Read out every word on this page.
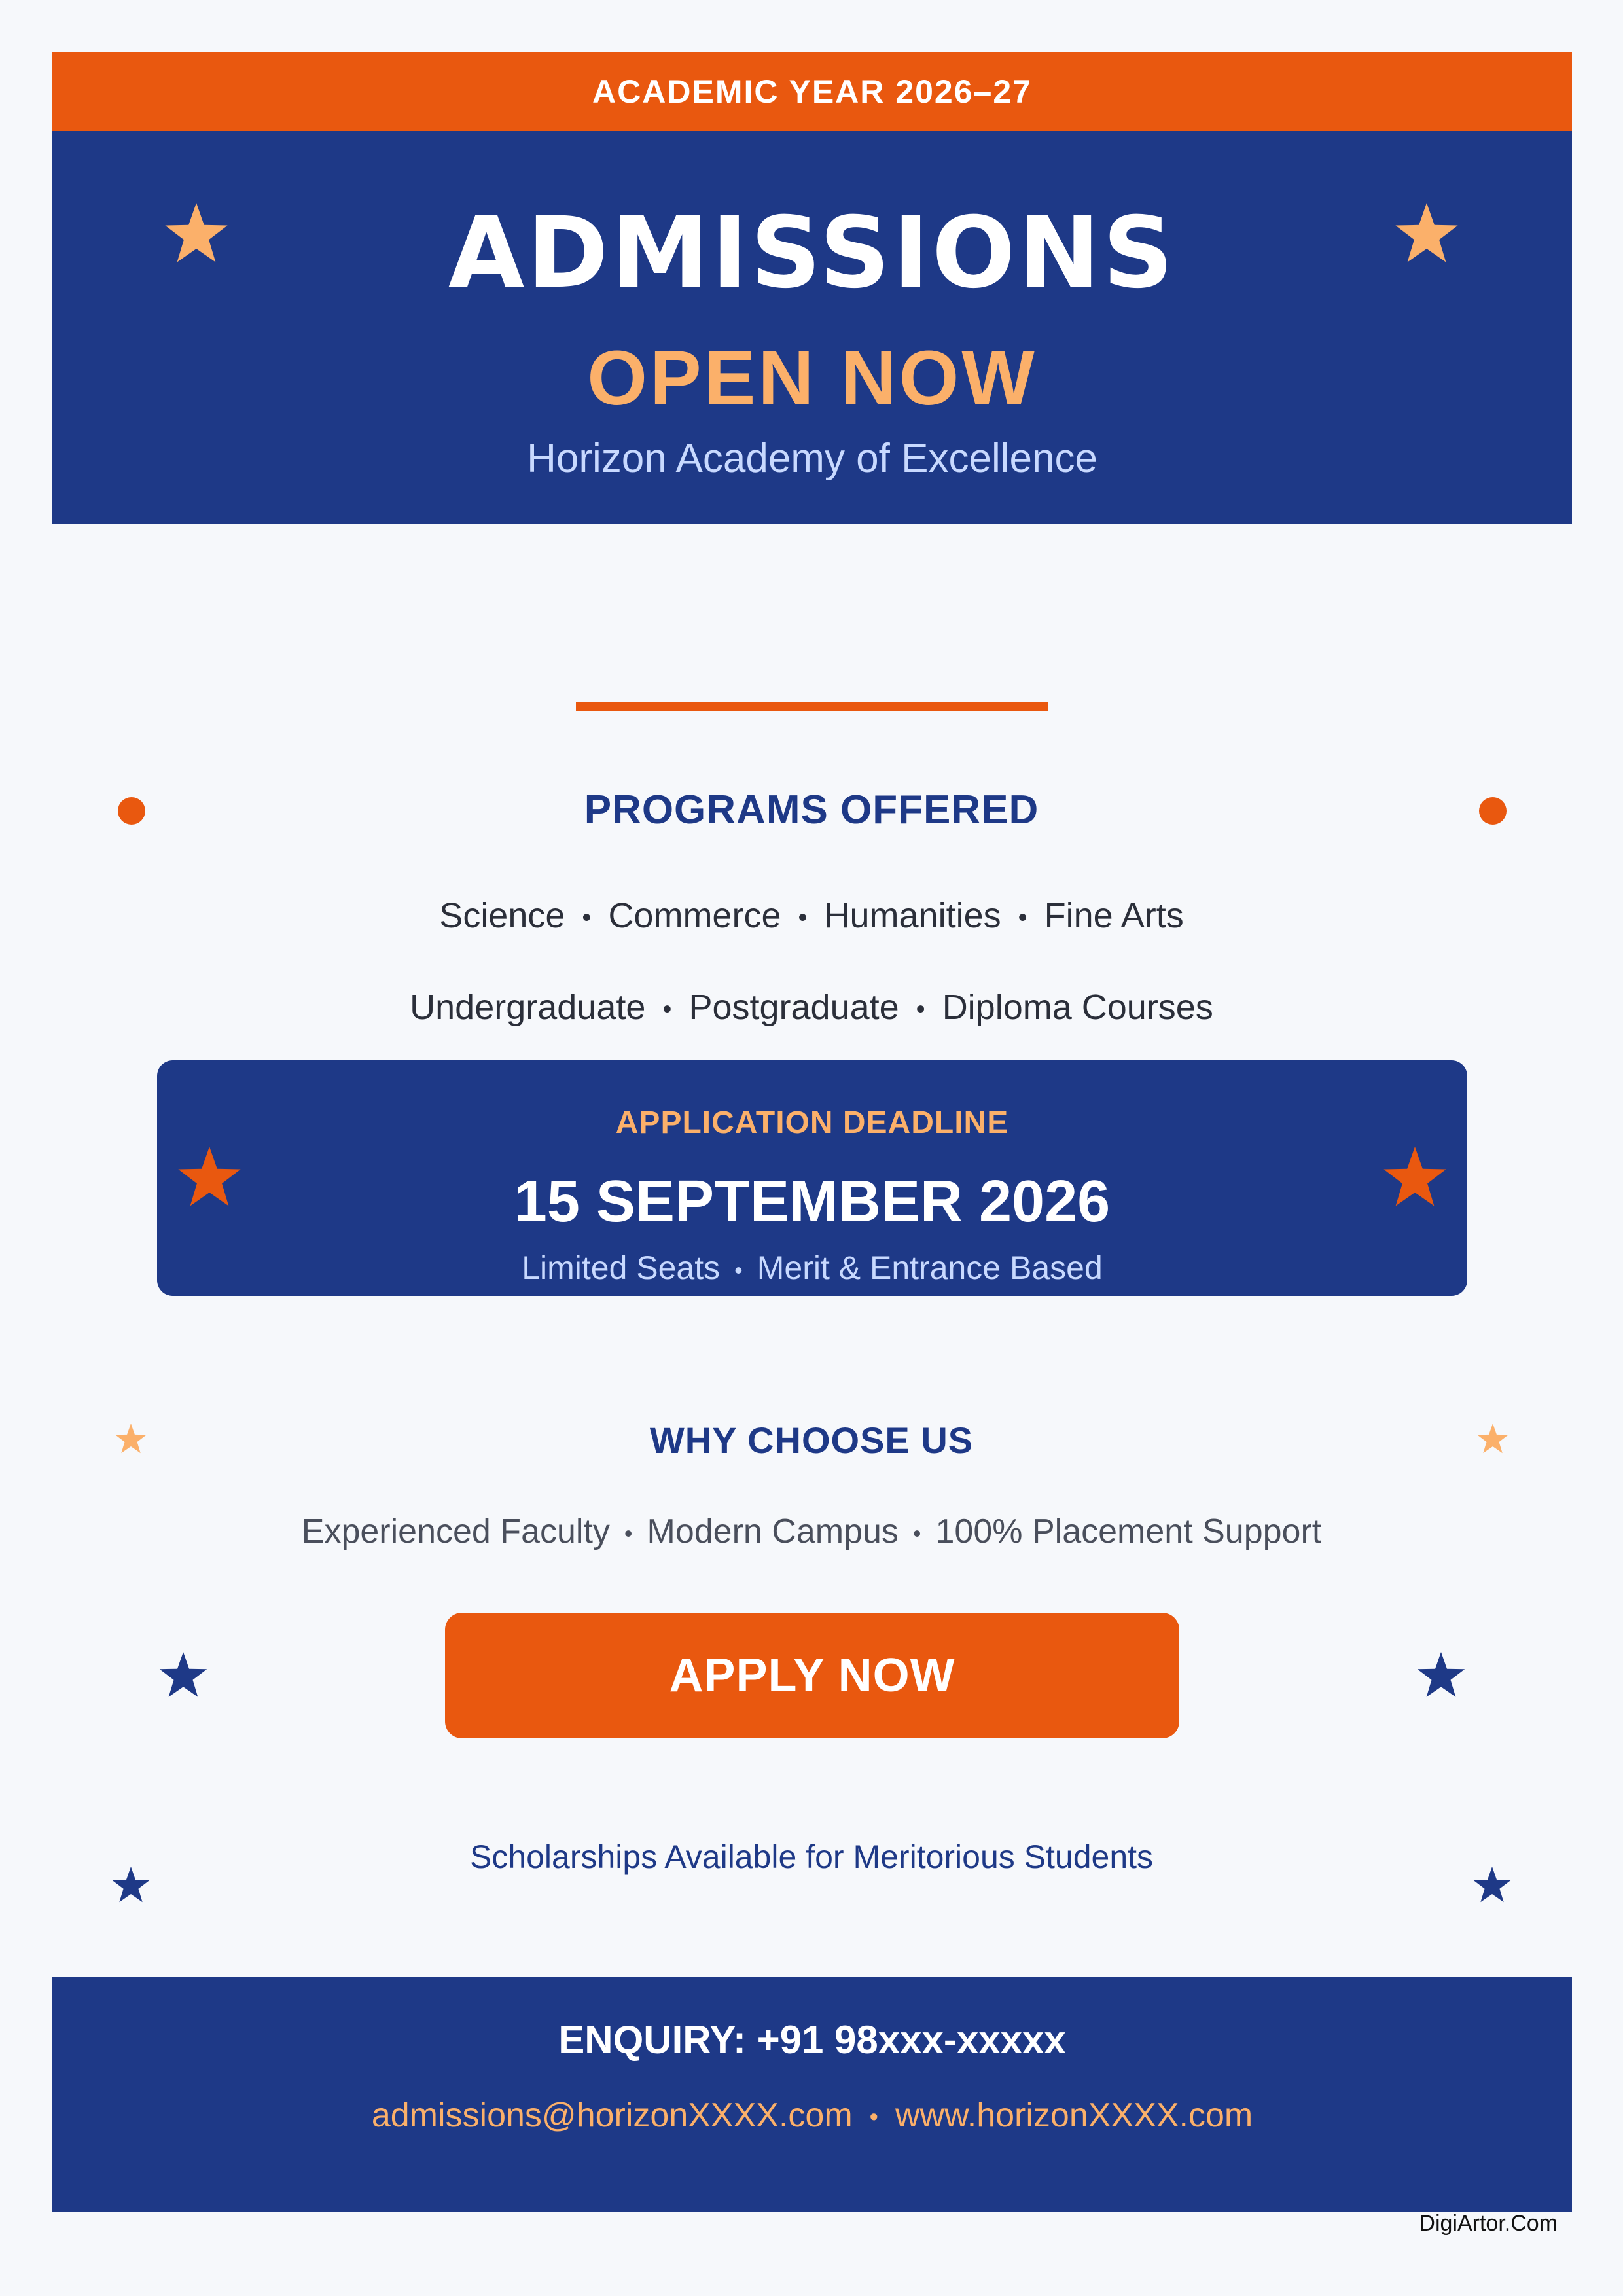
ACADEMIC YEAR 2026–27
ADMISSIONS
OPEN NOW
Horizon Academy of Excellence
PROGRAMS OFFERED
Science • Commerce • Humanities • Fine Arts
Undergraduate • Postgraduate • Diploma Courses
APPLICATION DEADLINE
15 SEPTEMBER 2026
Limited Seats • Merit & Entrance Based
WHY CHOOSE US
Experienced Faculty • Modern Campus • 100% Placement Support
APPLY NOW
Scholarships Available for Meritorious Students
ENQUIRY: +91 98xxx-xxxxx
admissions@horizonXXXX.com • www.horizonXXXX.com
DigiArtor.Com
